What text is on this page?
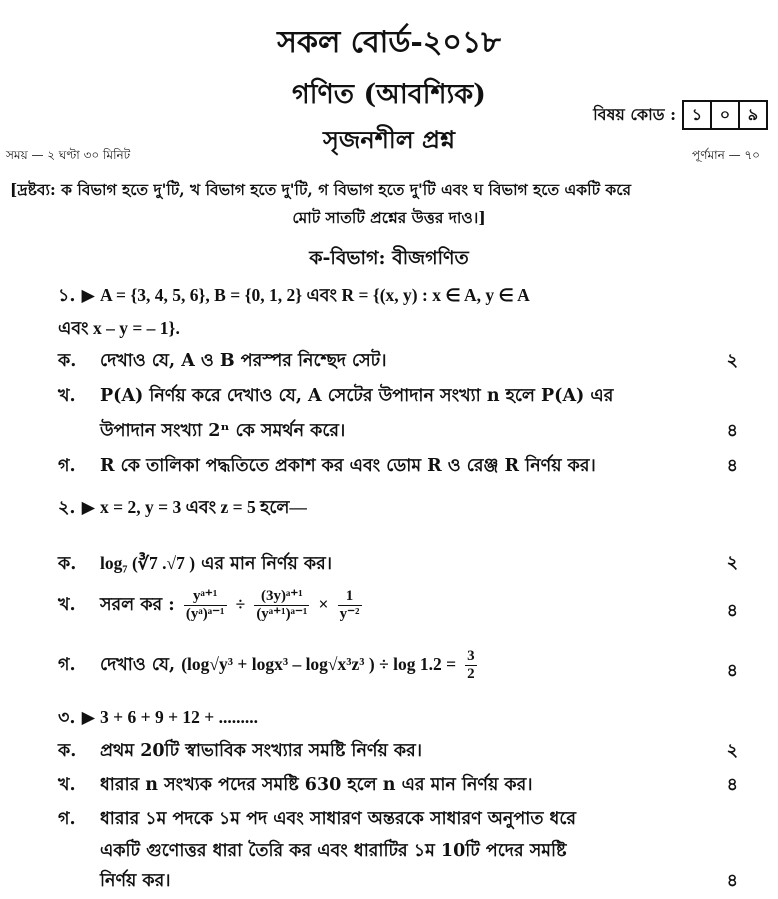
সকল বোর্ড-২০১৮
গণিত (আবশ্যিক)
বিষয় কোড : ১	০	৯
সৃজনশীল প্রশ্ন
সময় — ২ ঘণ্টা ৩০ মিনিট	পূর্ণমান — ৭০
[দ্রষ্টব্য: ক বিভাগ হতে দু'টি, খ বিভাগ হতে দু'টি, গ বিভাগ হতে দু'টি এবং ঘ বিভাগ হতে একটি করে
মোট সাতটি প্রশ্নের উত্তর দাও।]
ক-বিভাগ: বীজগণিত
১. ▶ A = {3, 4, 5, 6}, B = {0, 1, 2} এবং R = {(x, y) : x ∈ A, y ∈ A
এবং x – y = – 1}.
ক. দেখাও যে, A ও B পরস্পর নিশ্ছেদ সেট।	২
খ. P(A) নির্ণয় করে দেখাও যে, A সেটের উপাদান সংখ্যা n হলে P(A) এর
উপাদান সংখ্যা 2ⁿ কে সমর্থন করে।	৪
গ. R কে তালিকা পদ্ধতিতে প্রকাশ কর এবং ডোম R ও রেঞ্জ R নির্ণয় কর।	৪
২. ▶ x = 2, y = 3 এবং z = 5 হলে—
ক. log₇ (∛7 .√7 ) এর মান নির্ণয় কর।	২
খ. সরল কর : $\frac{\text{yᵃ⁺¹}}{\text{(yᵃ)ᵃ⁻¹}} \div \frac{\text{(3y)ᵃ⁺¹}}{\text{(yᵃ⁺¹)ᵃ⁻¹}} \times \frac{1}{\text{y⁻²}}$	৪
গ. দেখাও যে, (log√y³ + logx³ – log√x³z³ ) ÷ $\log 1.2 = \frac{3}{2}$	৪
৩. ▶ 3 + 6 + 9 + 12 + .........
ক. প্রথম 20টি স্বাভাবিক সংখ্যার সমষ্টি নির্ণয় কর।	২
খ. ধারার n সংখ্যক পদের সমষ্টি 630 হলে n এর মান নির্ণয় কর।	৪
গ. ধারার ১ম পদকে ১ম পদ এবং সাধারণ অন্তরকে সাধারণ অনুপাত ধরে
একটি গুণোত্তর ধারা তৈরি কর এবং ধারাটির ১ম 10টি পদের সমষ্টি
নির্ণয় কর।	৪
